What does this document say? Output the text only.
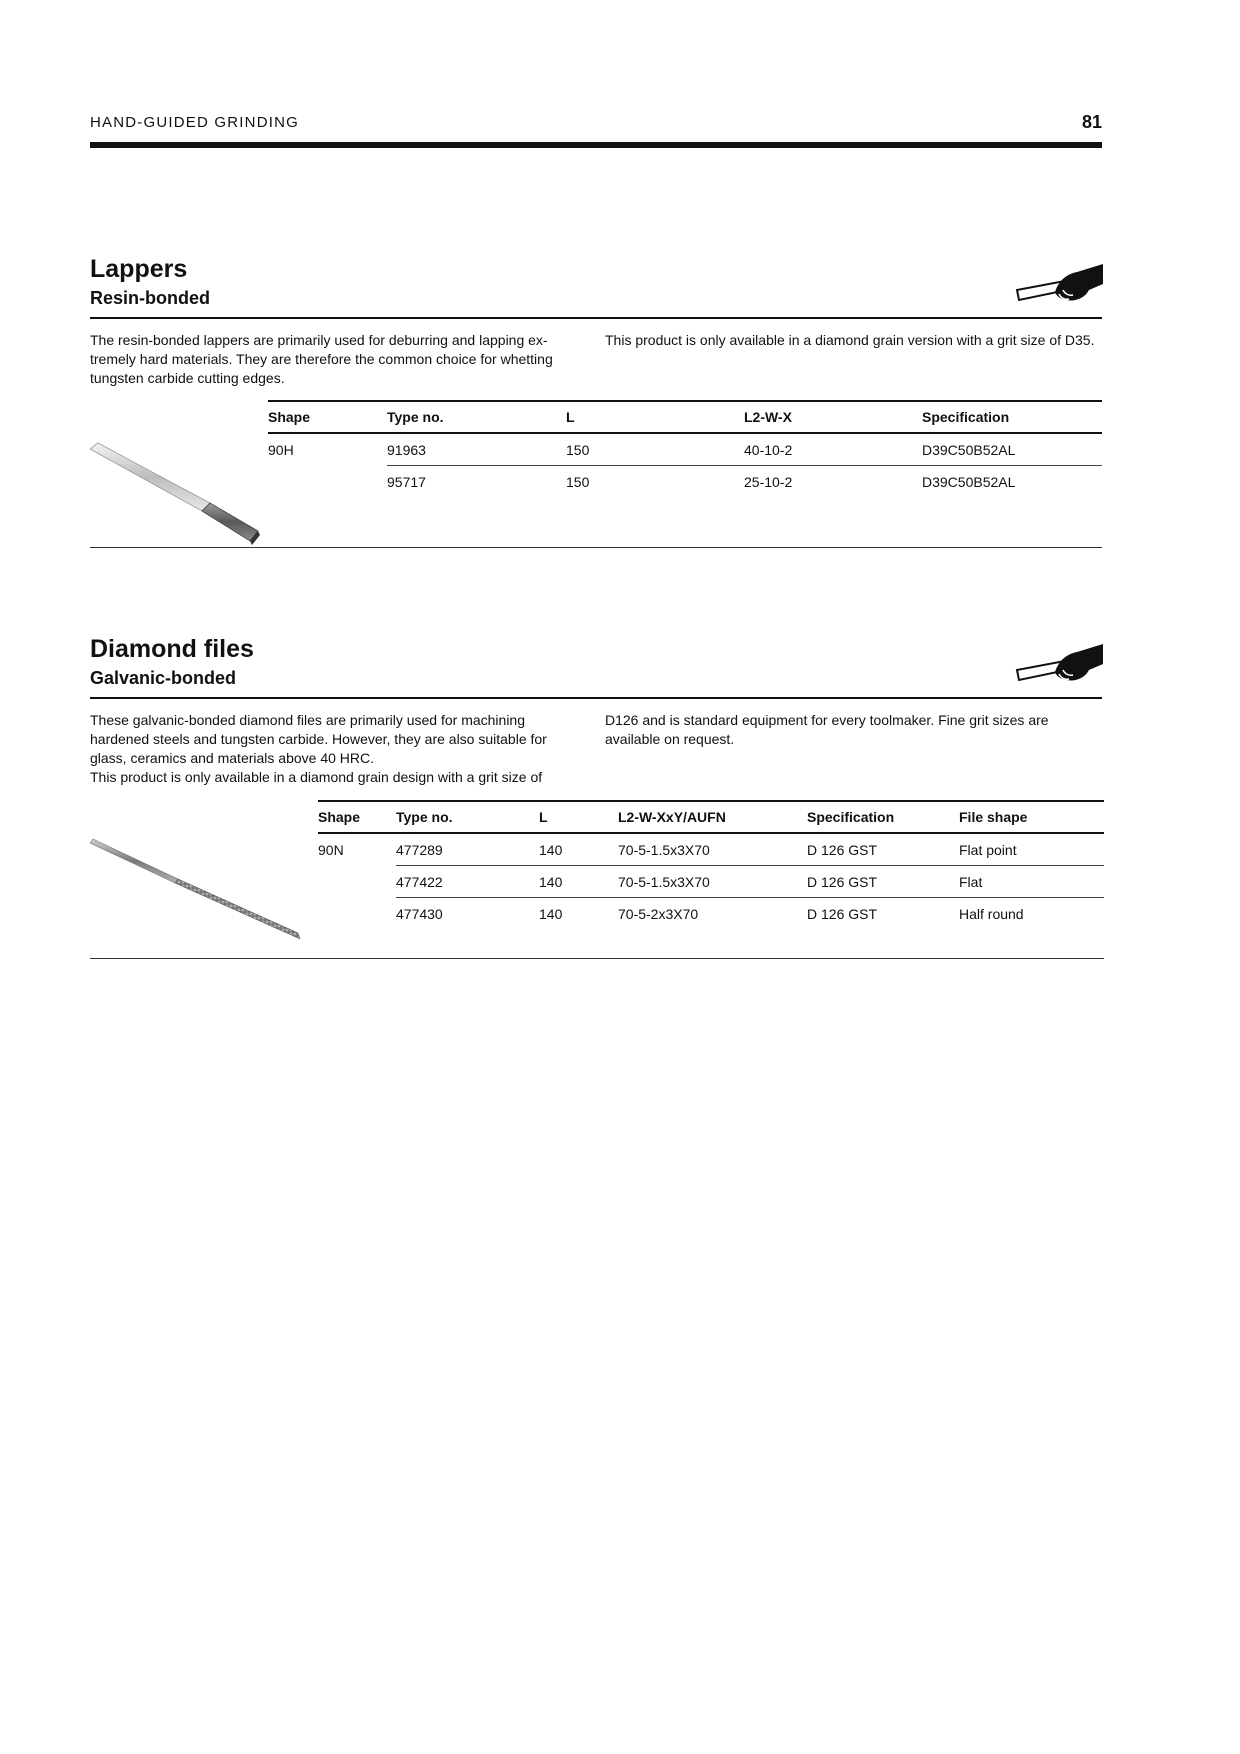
HAND-GUIDED GRINDING	81
Lappers
Resin-bonded
The resin-bonded lappers are primarily used for deburring and lapping ex-tremely hard materials. They are therefore the common choice for whetting tungsten carbide cutting edges.
This product is only available in a diamond grain version with a grit size of D35.
	Shape	Type no.	L	L2-W-X	Specification

	90H	91963	150	40-10-2	D39C50B52AL
		95717	150	25-10-2	D39C50B52AL
Diamond files
Galvanic-bonded

These galvanic-bonded diamond files are primarily used for machining hardened steels and tungsten carbide. However, they are also suitable for glass, ceramics and materials above 40 HRC.

This product is only available in a diamond grain design with a grit size of

D126 and is standard equipment for every toolmaker. Fine grit sizes are available on request.
	Shape	Type no.	L	L2-W-XxY/AUFN	Specification	File shape

	90N	477289	140	70-5-1.5x3X70	D 126 GST	Flat point
		477422	140	70-5-1.5x3X70	D 126 GST	Flat
		477430	140	70-5-2x3X70	D 126 GST	Half round
